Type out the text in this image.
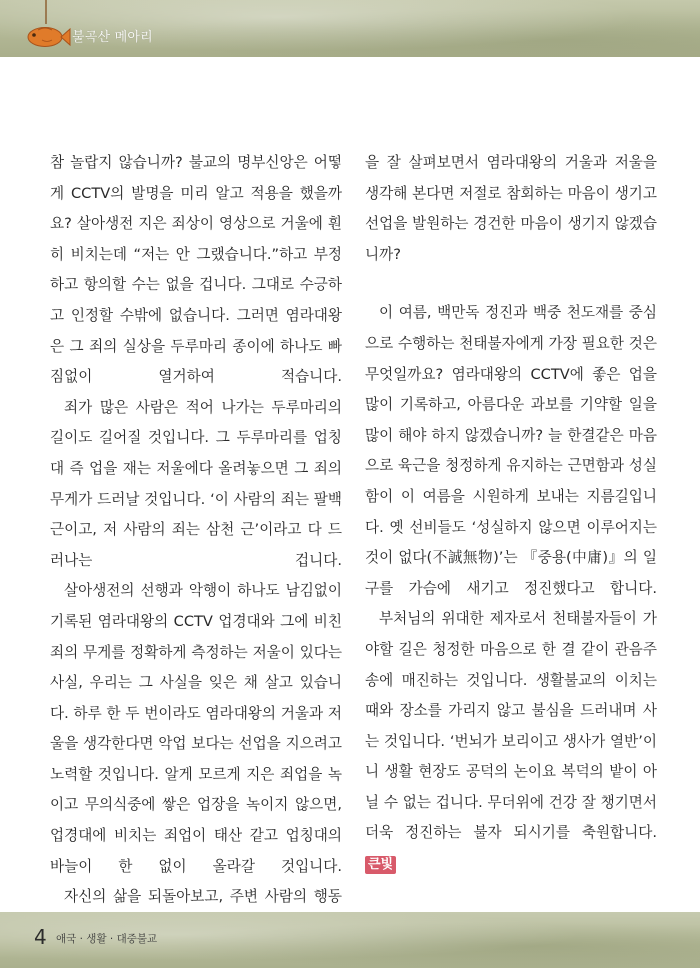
불곡산 메아리

참 놀랍지 않습니까? 불교의 명부신앙은 어떻게 CCTV의 발명을 미리 알고 적용을 했을까요? 살아생전 지은 죄상이 영상으로 거울에 훤히 비치는데 “저는 안 그랬습니다.”하고 부정하고 항의할 수는 없을 겁니다. 그대로 수긍하고 인정할 수밖에 없습니다. 그러면 염라대왕은 그 죄의 실상을 두루마리 종이에 하나도 빠짐없이 열거하여 적습니다.

죄가 많은 사람은 적어 나가는 두루마리의 길이도 길어질 것입니다. 그 두루마리를 업칭대 즉 업을 재는 저울에다 올려놓으면 그 죄의 무게가 드러날 것입니다. ‘이 사람의 죄는 팔백근이고, 저 사람의 죄는 삼천 근’이라고 다 드러나는 겁니다.

살아생전의 선행과 악행이 하나도 남김없이 기록된 염라대왕의 CCTV 업경대와 그에 비친 죄의 무게를 정확하게 측정하는 저울이 있다는 사실, 우리는 그 사실을 잊은 채 살고 있습니다. 하루 한 두 번이라도 염라대왕의 거울과 저울을 생각한다면 악업 보다는 선업을 지으려고 노력할 것입니다. 알게 모르게 지은 죄업을 녹이고 무의식중에 쌓은 업장을 녹이지 않으면, 업경대에 비치는 죄업이 태산 같고 업칭대의 바늘이 한 없이 올라갈 것입니다.

자신의 삶을 되돌아보고, 주변 사람의 행동

을 잘 살펴보면서 염라대왕의 거울과 저울을 생각해 본다면 저절로 참회하는 마음이 생기고 선업을 발원하는 경건한 마음이 생기지 않겠습니까?

이 여름, 백만독 정진과 백중 천도재를 중심으로 수행하는 천태불자에게 가장 필요한 것은 무엇일까요? 염라대왕의 CCTV에 좋은 업을 많이 기록하고, 아름다운 과보를 기약할 일을 많이 해야 하지 않겠습니까? 늘 한결같은 마음으로 육근을 청정하게 유지하는 근면함과 성실함이 이 여름을 시원하게 보내는 지름길입니다. 옛 선비들도 ‘성실하지 않으면 이루어지는 것이 없다(不誠無物)’는 『중용(中庸)』의 일구를 가슴에 새기고 정진했다고 합니다.

부처님의 위대한 제자로서 천태불자들이 가야할 길은 청정한 마음으로 한 결 같이 관음주송에 매진하는 것입니다. 생활불교의 이치는 때와 장소를 가리지 않고 불심을 드러내며 사는 것입니다. ‘번뇌가 보리이고 생사가 열반’이니 생활 현장도 공덕의 논이요 복덕의 밭이 아닐 수 없는 겁니다. 무더위에 건강 잘 챙기면서 더욱 정진하는 불자 되시기를 축원합니다.

큰빛
4 애국 · 생활 · 대중불교
